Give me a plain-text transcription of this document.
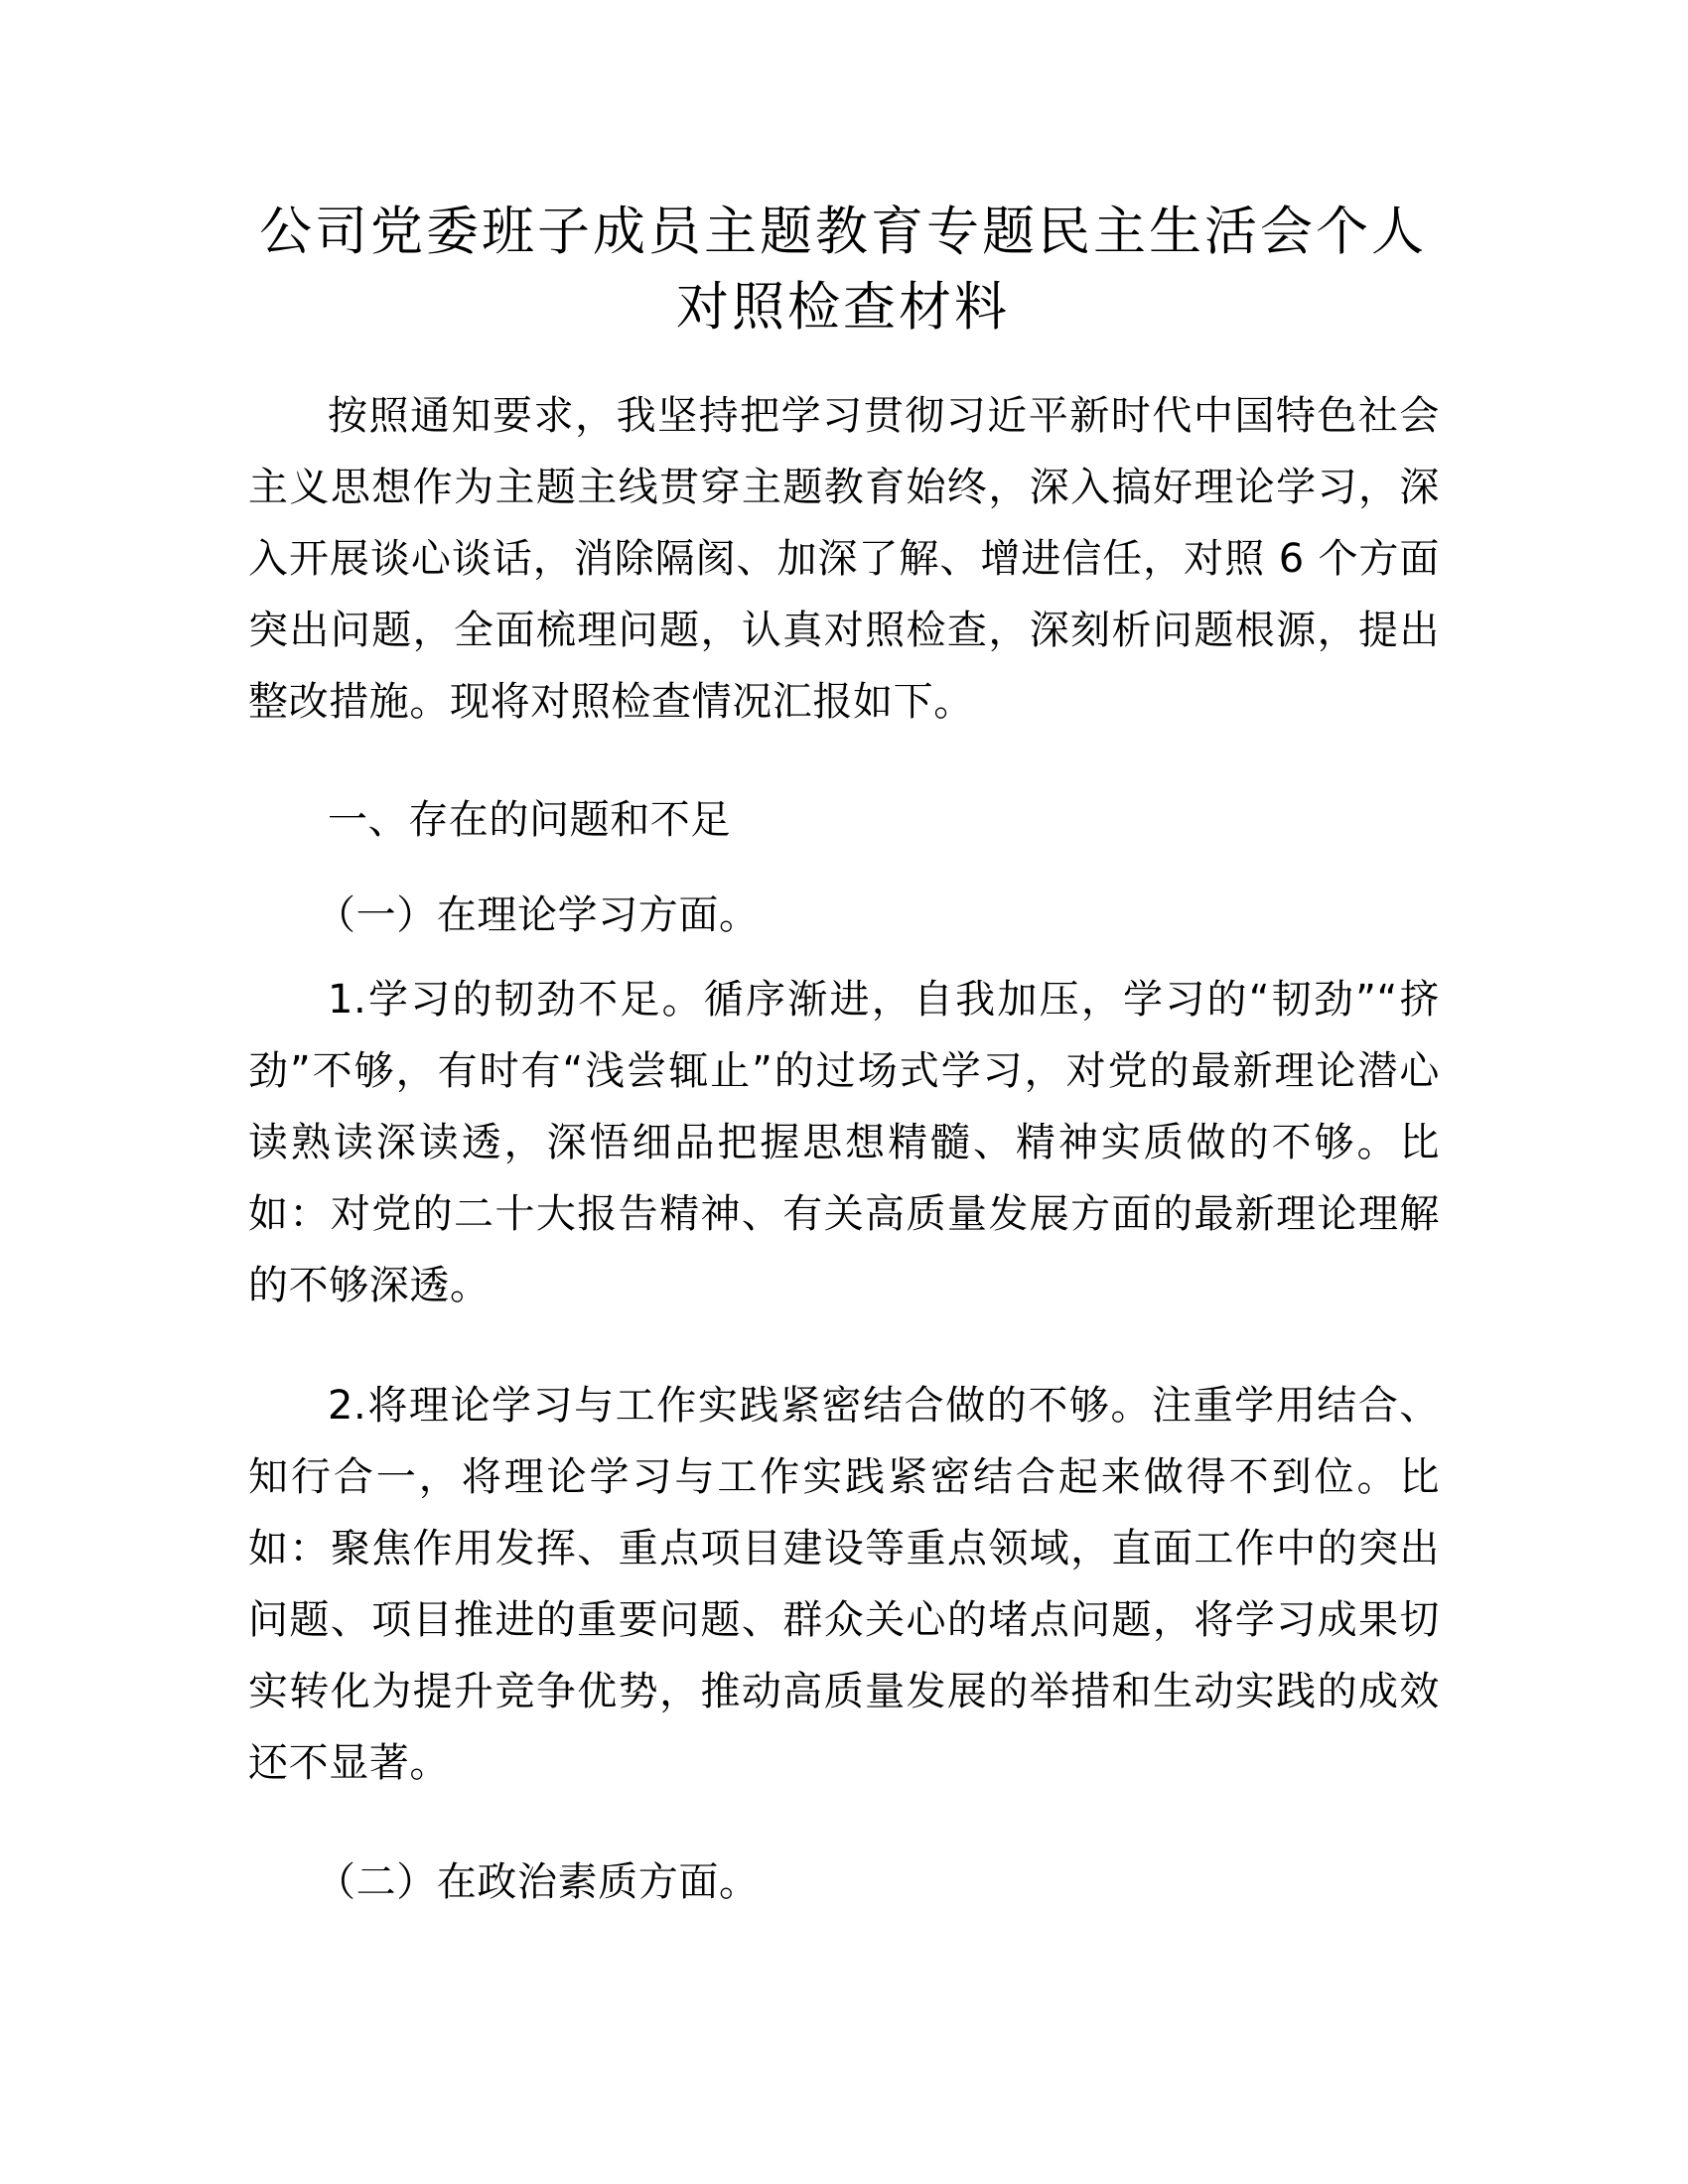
公司党委班子成员主题教育专题民主生活会个人对照检查材料

按照通知要求，我坚持把学习贯彻习近平新时代中国特色社会主义思想作为主题主线贯穿主题教育始终，深入搞好理论学习，深入开展谈心谈话，消除隔阂、加深了解、增进信任，对照 6 个方面突出问题，全面梳理问题，认真对照检查，深刻析问题根源，提出整改措施。现将对照检查情况汇报如下。

一、存在的问题和不足

（一）在理论学习方面。

1.学习的韧劲不足。循序渐进，自我加压，学习的“韧劲”“挤劲”不够，有时有“浅尝辄止”的过场式学习，对党的最新理论潜心读熟读深读透，深悟细品把握思想精髓、精神实质做的不够。比如：对党的二十大报告精神、有关高质量发展方面的最新理论理解的不够深透。

2.将理论学习与工作实践紧密结合做的不够。注重学用结合、知行合一，将理论学习与工作实践紧密结合起来做得不到位。比如：聚焦作用发挥、重点项目建设等重点领域，直面工作中的突出问题、项目推进的重要问题、群众关心的堵点问题，将学习成果切实转化为提升竞争优势，推动高质量发展的举措和生动实践的成效还不显著。

（二）在政治素质方面。
